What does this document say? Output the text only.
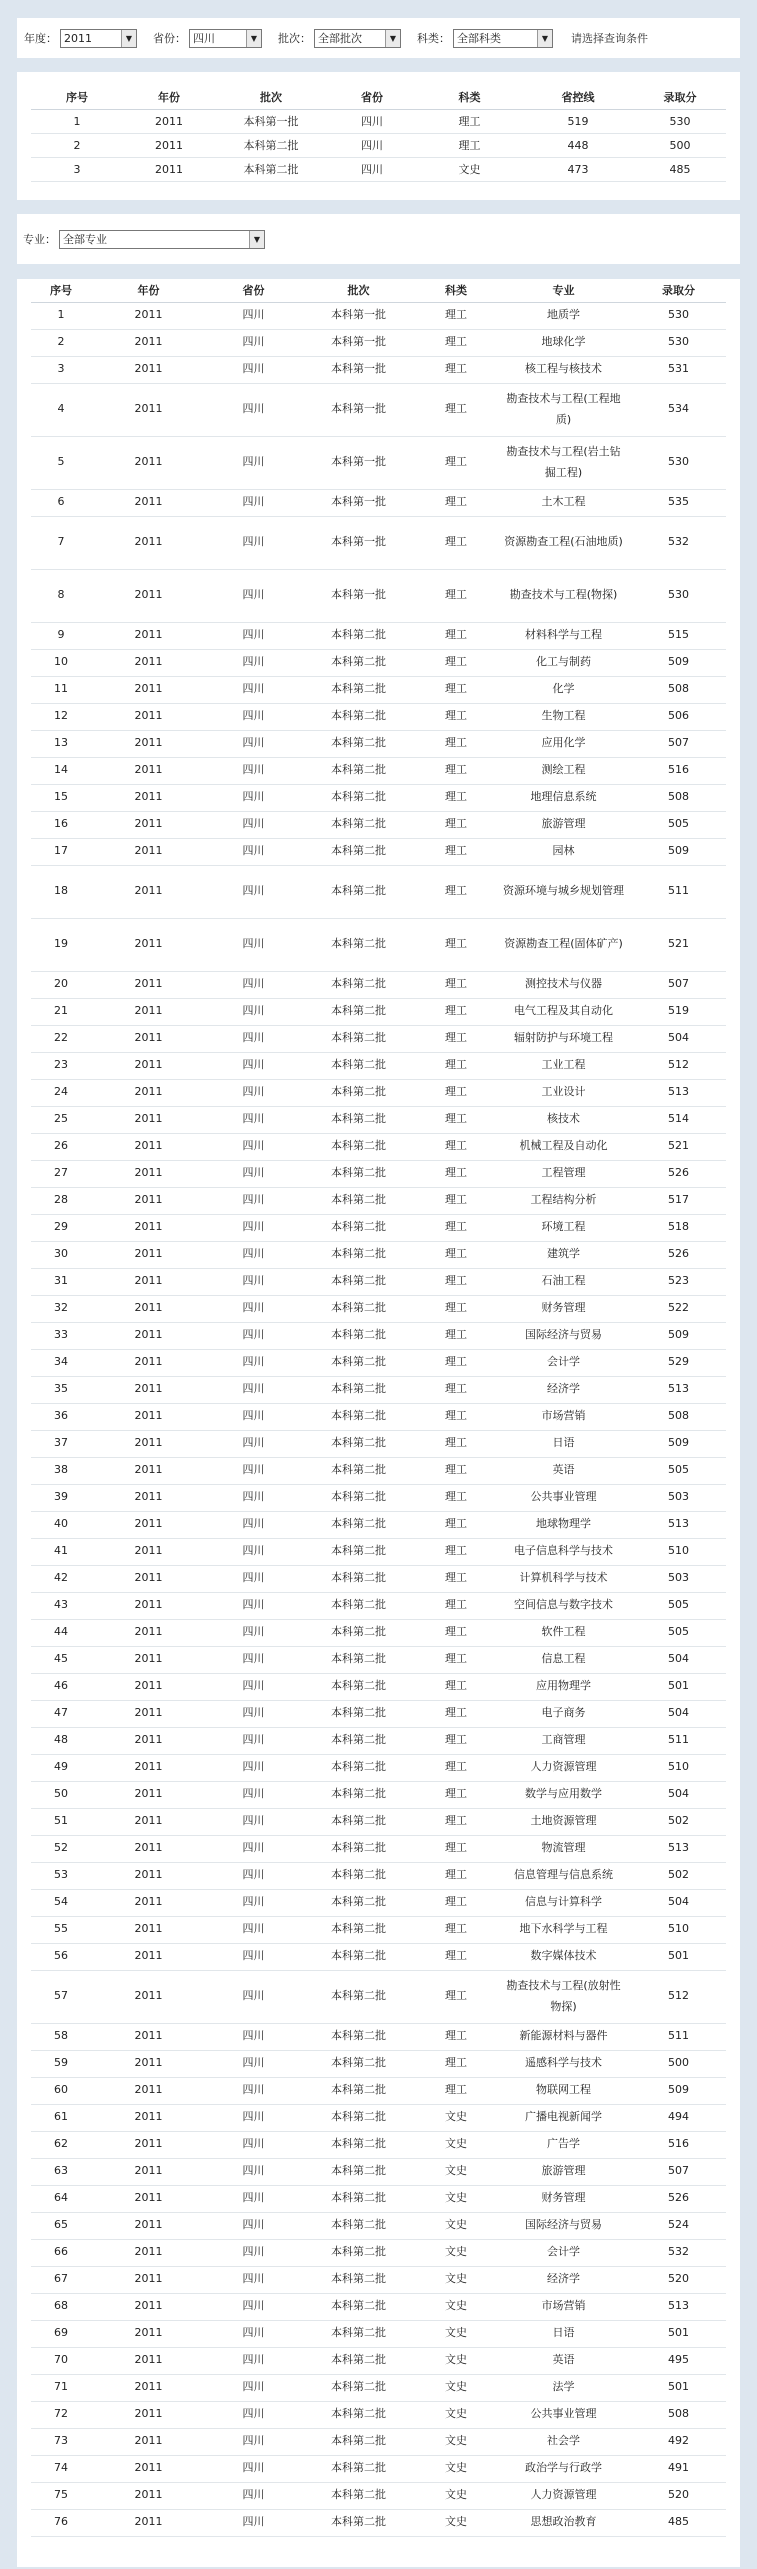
年度： 2011	▼	省份： 四川	▼	批次： 全部批次	▼	科类： 全部科类	▼	请选择查询条件
序号	年份	批次	省份	科类	省控线	录取分
1	2011	本科第一批	四川	理工	519	530
2	2011	本科第二批	四川	理工	448	500
3	2011	本科第二批	四川	文史	473	485
专业： 全部专业	▼
序号	年份	省份	批次	科类	专业	录取分
1	2011	四川	本科第一批	理工	地质学	530
2	2011	四川	本科第一批	理工	地球化学	530
3	2011	四川	本科第一批	理工	核工程与核技术	531
4	2011	四川	本科第一批	理工	勘查技术与工程(工程地质)	534
5	2011	四川	本科第一批	理工	勘查技术与工程(岩土钻掘工程)	530
6	2011	四川	本科第一批	理工	土木工程	535
7	2011	四川	本科第一批	理工	资源勘查工程(石油地质)	532
8	2011	四川	本科第一批	理工	勘查技术与工程(物探)	530
9	2011	四川	本科第二批	理工	材料科学与工程	515
10	2011	四川	本科第二批	理工	化工与制药	509
11	2011	四川	本科第二批	理工	化学	508
12	2011	四川	本科第二批	理工	生物工程	506
13	2011	四川	本科第二批	理工	应用化学	507
14	2011	四川	本科第二批	理工	测绘工程	516
15	2011	四川	本科第二批	理工	地理信息系统	508
16	2011	四川	本科第二批	理工	旅游管理	505
17	2011	四川	本科第二批	理工	园林	509
18	2011	四川	本科第二批	理工	资源环境与城乡规划管理	511
19	2011	四川	本科第二批	理工	资源勘查工程(固体矿产)	521
20	2011	四川	本科第二批	理工	测控技术与仪器	507
21	2011	四川	本科第二批	理工	电气工程及其自动化	519
22	2011	四川	本科第二批	理工	辐射防护与环境工程	504
23	2011	四川	本科第二批	理工	工业工程	512
24	2011	四川	本科第二批	理工	工业设计	513
25	2011	四川	本科第二批	理工	核技术	514
26	2011	四川	本科第二批	理工	机械工程及自动化	521
27	2011	四川	本科第二批	理工	工程管理	526
28	2011	四川	本科第二批	理工	工程结构分析	517
29	2011	四川	本科第二批	理工	环境工程	518
30	2011	四川	本科第二批	理工	建筑学	526
31	2011	四川	本科第二批	理工	石油工程	523
32	2011	四川	本科第二批	理工	财务管理	522
33	2011	四川	本科第二批	理工	国际经济与贸易	509
34	2011	四川	本科第二批	理工	会计学	529
35	2011	四川	本科第二批	理工	经济学	513
36	2011	四川	本科第二批	理工	市场营销	508
37	2011	四川	本科第二批	理工	日语	509
38	2011	四川	本科第二批	理工	英语	505
39	2011	四川	本科第二批	理工	公共事业管理	503
40	2011	四川	本科第二批	理工	地球物理学	513
41	2011	四川	本科第二批	理工	电子信息科学与技术	510
42	2011	四川	本科第二批	理工	计算机科学与技术	503
43	2011	四川	本科第二批	理工	空间信息与数字技术	505
44	2011	四川	本科第二批	理工	软件工程	505
45	2011	四川	本科第二批	理工	信息工程	504
46	2011	四川	本科第二批	理工	应用物理学	501
47	2011	四川	本科第二批	理工	电子商务	504
48	2011	四川	本科第二批	理工	工商管理	511
49	2011	四川	本科第二批	理工	人力资源管理	510
50	2011	四川	本科第二批	理工	数学与应用数学	504
51	2011	四川	本科第二批	理工	土地资源管理	502
52	2011	四川	本科第二批	理工	物流管理	513
53	2011	四川	本科第二批	理工	信息管理与信息系统	502
54	2011	四川	本科第二批	理工	信息与计算科学	504
55	2011	四川	本科第二批	理工	地下水科学与工程	510
56	2011	四川	本科第二批	理工	数字媒体技术	501
57	2011	四川	本科第二批	理工	勘查技术与工程(放射性物探)	512
58	2011	四川	本科第二批	理工	新能源材料与器件	511
59	2011	四川	本科第二批	理工	遥感科学与技术	500
60	2011	四川	本科第二批	理工	物联网工程	509
61	2011	四川	本科第二批	文史	广播电视新闻学	494
62	2011	四川	本科第二批	文史	广告学	516
63	2011	四川	本科第二批	文史	旅游管理	507
64	2011	四川	本科第二批	文史	财务管理	526
65	2011	四川	本科第二批	文史	国际经济与贸易	524
66	2011	四川	本科第二批	文史	会计学	532
67	2011	四川	本科第二批	文史	经济学	520
68	2011	四川	本科第二批	文史	市场营销	513
69	2011	四川	本科第二批	文史	日语	501
70	2011	四川	本科第二批	文史	英语	495
71	2011	四川	本科第二批	文史	法学	501
72	2011	四川	本科第二批	文史	公共事业管理	508
73	2011	四川	本科第二批	文史	社会学	492
74	2011	四川	本科第二批	文史	政治学与行政学	491
75	2011	四川	本科第二批	文史	人力资源管理	520
76	2011	四川	本科第二批	文史	思想政治教育	485
